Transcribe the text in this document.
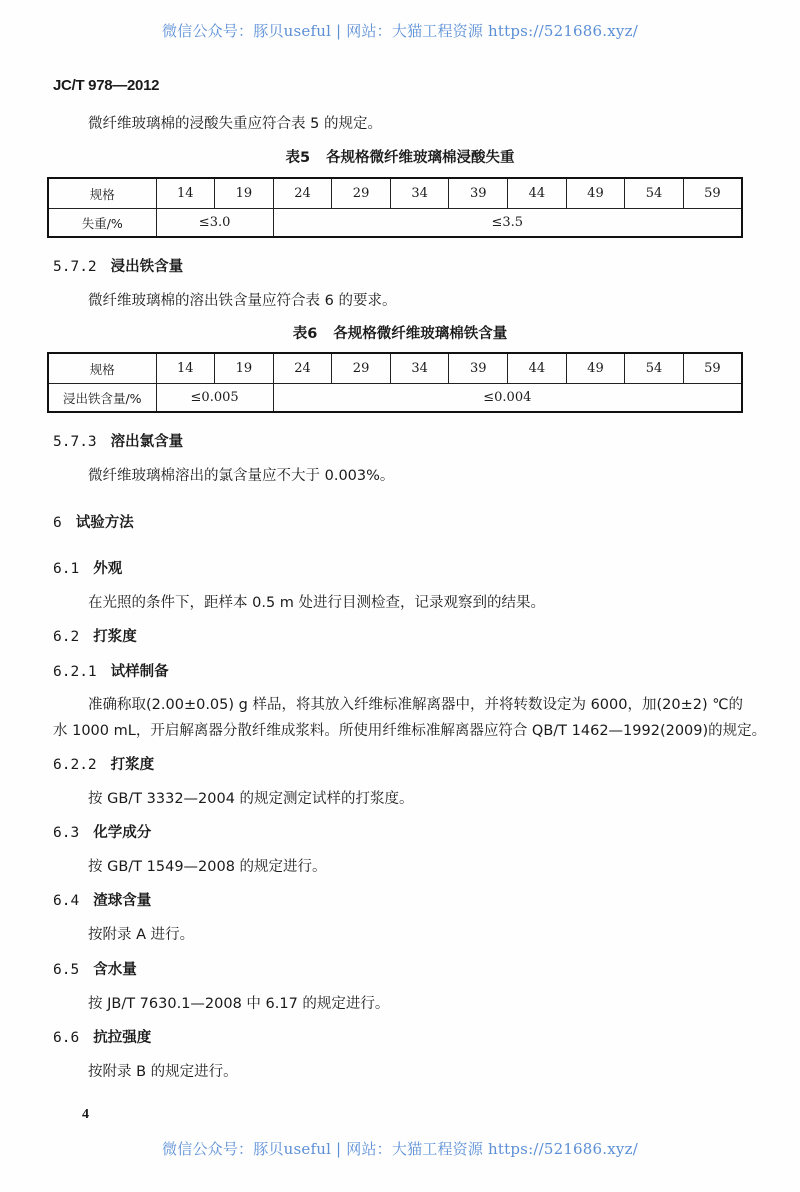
微信公众号：豚贝useful | 网站：大猫工程资源 https://521686.xyz/
JC/T 978—2012
微纤维玻璃棉的浸酸失重应符合表 5 的规定。
表5 各规格微纤维玻璃棉浸酸失重
规格	14	19	24	29	34	39	44	49	54	59
失重/%	≤3.0		≤3.5							
5.7.2 浸出铁含量
微纤维玻璃棉的溶出铁含量应符合表 6 的要求。
表6 各规格微纤维玻璃棉铁含量
规格	14	19	24	29	34	39	44	49	54	59
浸出铁含量/%	≤0.005		≤0.004							
5.7.3 溶出氯含量
微纤维玻璃棉溶出的氯含量应不大于 0.003%。
6 试验方法
6.1 外观
在光照的条件下，距样本 0.5 m 处进行目测检查，记录观察到的结果。
6.2 打浆度
6.2.1 试样制备
准确称取(2.00±0.05) g 样品，将其放入纤维标准解离器中，并将转数设定为 6000，加(20±2) ℃的
水 1000 mL，开启解离器分散纤维成浆料。所使用纤维标准解离器应符合 QB/T 1462—1992(2009)的规定。
6.2.2 打浆度
按 GB/T 3332—2004 的规定测定试样的打浆度。
6.3 化学成分
按 GB/T 1549—2008 的规定进行。
6.4 渣球含量
按附录 A 进行。
6.5 含水量
按 JB/T 7630.1—2008 中 6.17 的规定进行。
6.6 抗拉强度
按附录 B 的规定进行。
4
微信公众号：豚贝useful | 网站：大猫工程资源 https://521686.xyz/
